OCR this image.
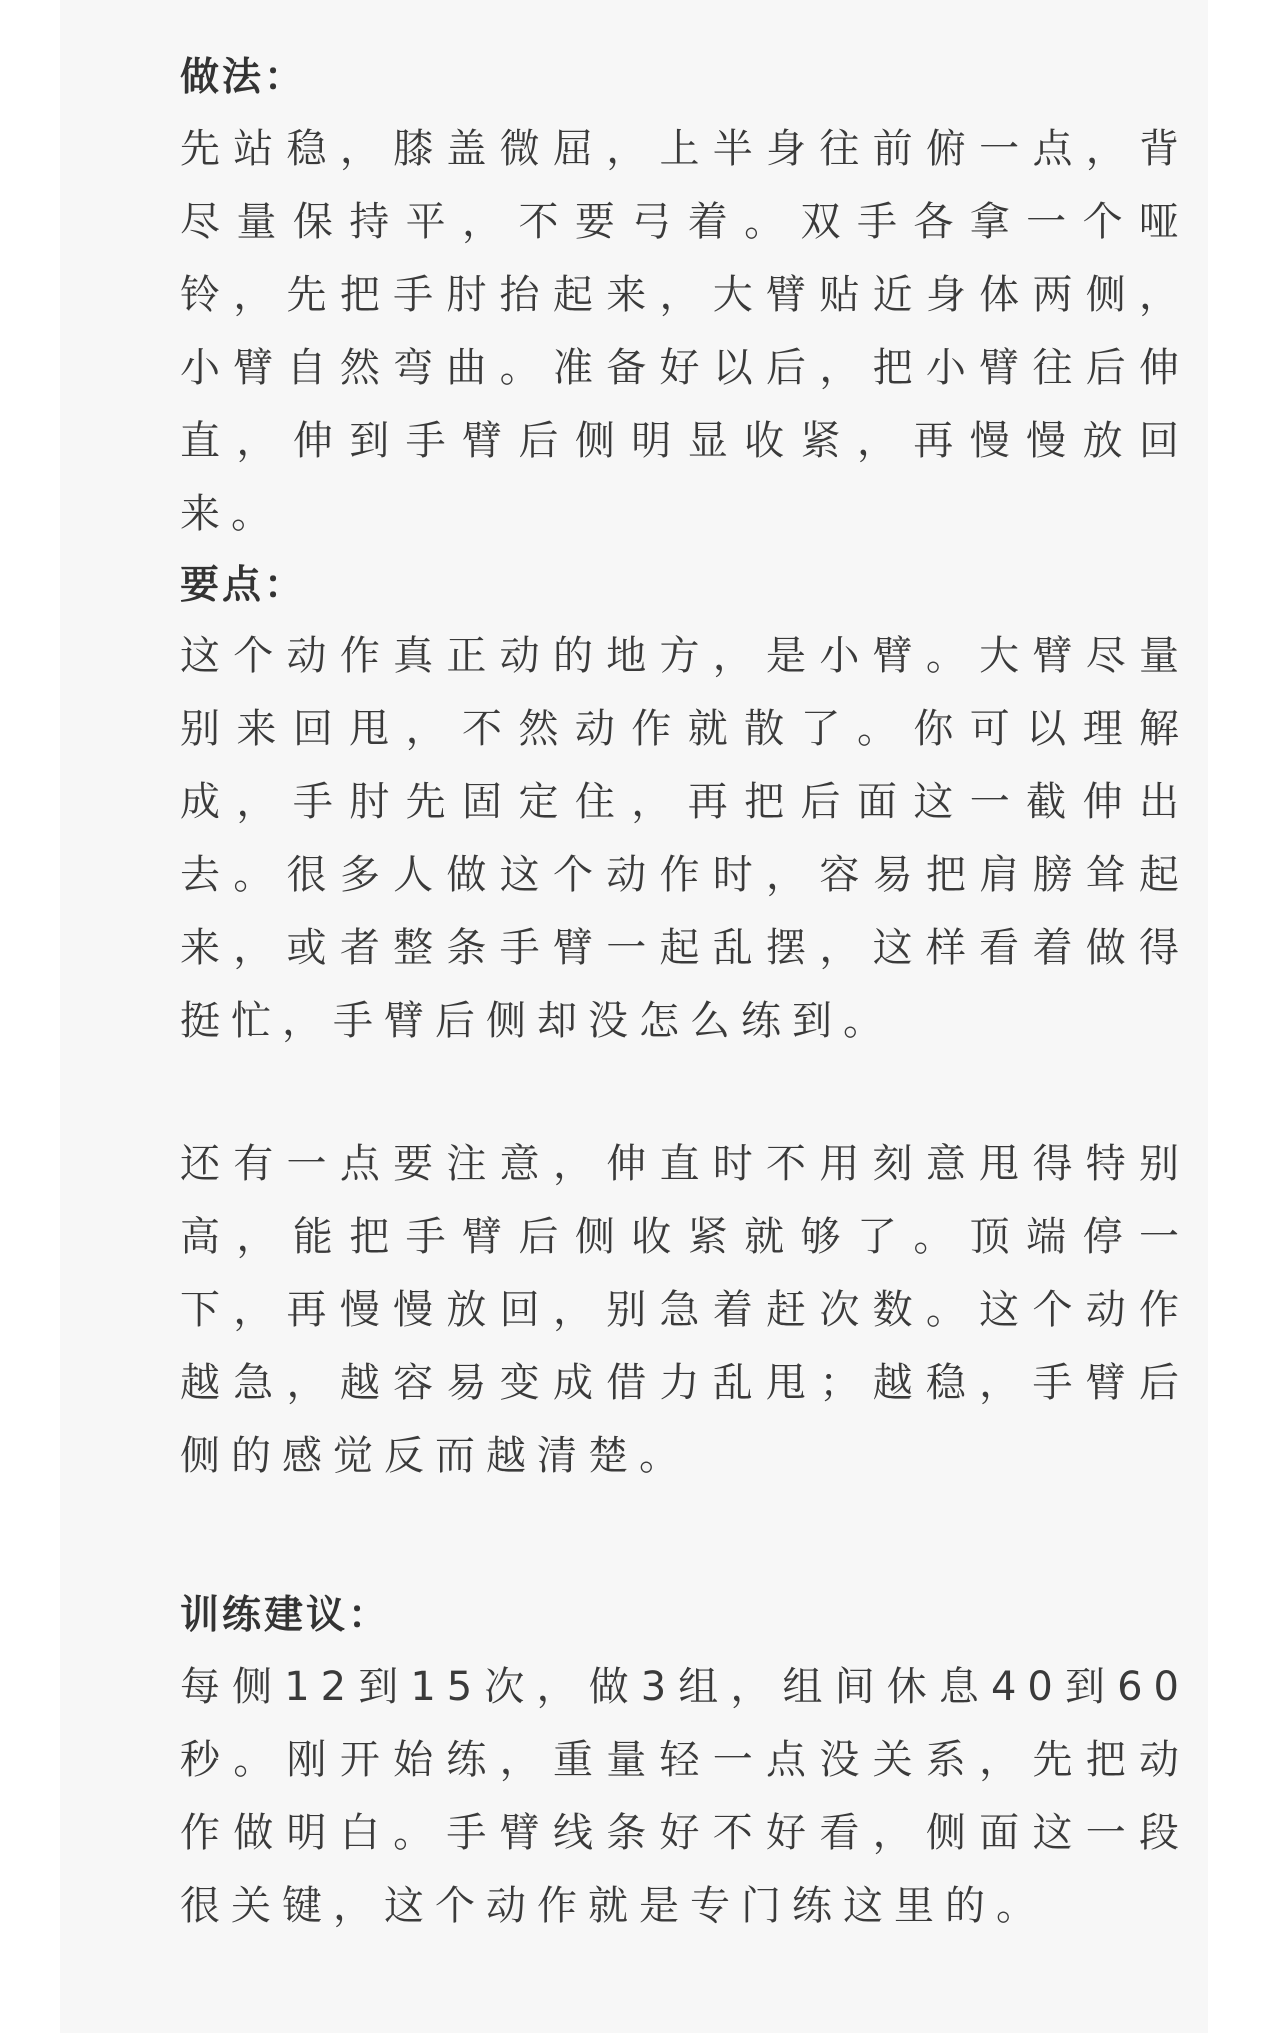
做法：

先站稳，膝盖微屈，上半身往前俯一点，背尽量保持平，不要弓着。双手各拿一个哑铃，先把手肘抬起来，大臂贴近身体两侧，小臂自然弯曲。准备好以后，把小臂往后伸直，伸到手臂后侧明显收紧，再慢慢放回来。

要点：

这个动作真正动的地方，是小臂。大臂尽量别来回甩，不然动作就散了。你可以理解成，手肘先固定住，再把后面这一截伸出去。很多人做这个动作时，容易把肩膀耸起来，或者整条手臂一起乱摆，这样看着做得挺忙，手臂后侧却没怎么练到。

还有一点要注意，伸直时不用刻意甩得特别高，能把手臂后侧收紧就够了。顶端停一下，再慢慢放回，别急着赶次数。这个动作越急，越容易变成借力乱甩；越稳，手臂后侧的感觉反而越清楚。

训练建议：

每侧12到15次，做3组，组间休息40到60秒。刚开始练，重量轻一点没关系，先把动作做明白。手臂线条好不好看，侧面这一段很关键，这个动作就是专门练这里的。
